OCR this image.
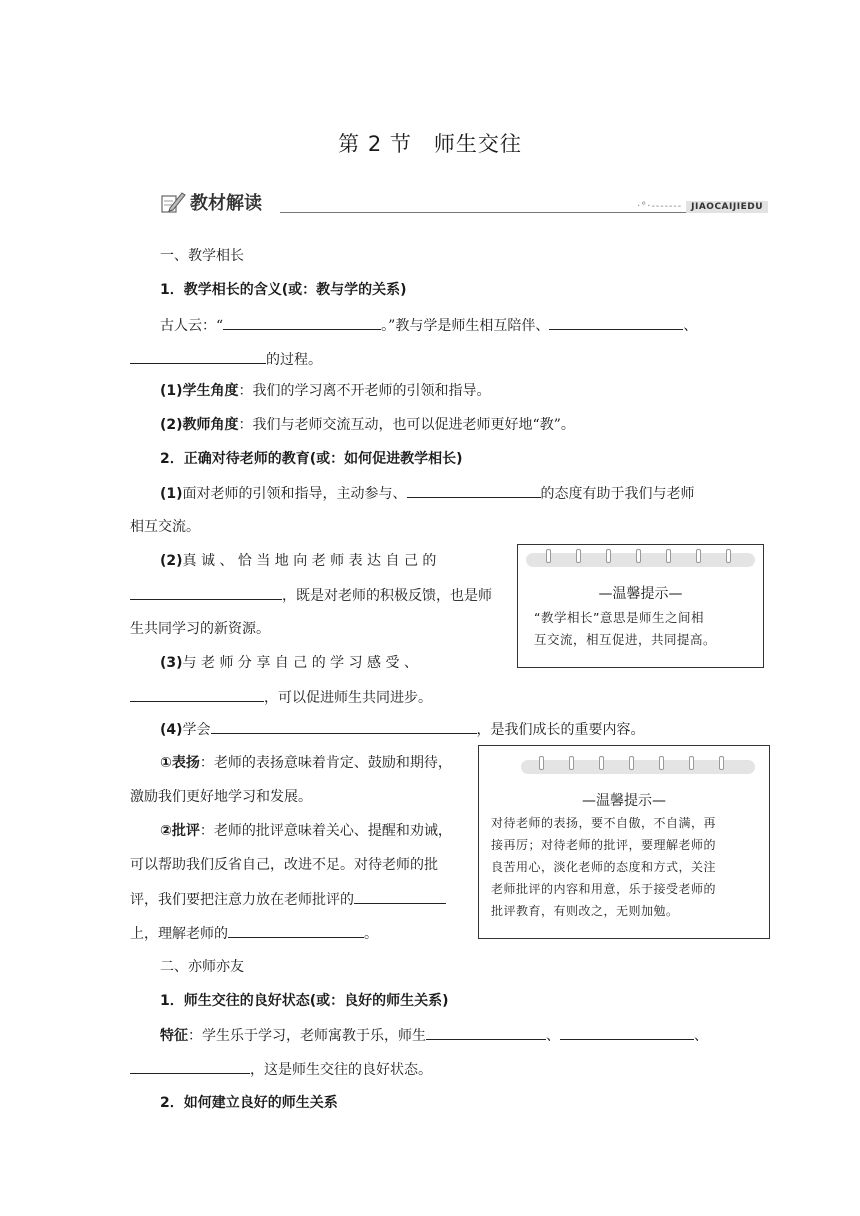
第 2 节　师生交往
教材解读	·°·-------	JIAOCAIJIEDU
一、教学相长
1．教学相长的含义(或：教与学的关系)
古人云：“	。”教与学是师生相互陪伴、	、
的过程。
(1)学生角度：我们的学习离不开老师的引领和指导。
(2)教师角度：我们与老师交流互动，也可以促进老师更好地“教”。
2．正确对待老师的教育(或：如何促进教学相长)
(1)面对老师的引领和指导，主动参与、	的态度有助于我们与老师
相互交流。
(2)真 诚 、 恰 当 地 向 老 师 表 达 自 己 的
，既是对老师的积极反馈，也是师
生共同学习的新资源。
(3)与 老 师 分 享 自 己 的 学 习 感 受 、
，可以促进师生共同进步。
(4)学会	，是我们成长的重要内容。
①表扬：老师的表扬意味着肯定、鼓励和期待，
激励我们更好地学习和发展。
②批评：老师的批评意味着关心、提醒和劝诫，
可以帮助我们反省自己，改进不足。对待老师的批
评，我们要把注意力放在老师批评的
上，理解老师的	。
—温馨提示—
“教学相长”意思是师生之间相
互交流，相互促进，共同提高。
—温馨提示—
对待老师的表扬，要不自傲，不自满，再
接再厉；对待老师的批评，要理解老师的
良苦用心，淡化老师的态度和方式，关注
老师批评的内容和用意，乐于接受老师的
批评教育，有则改之，无则加勉。
二、亦师亦友
1．师生交往的良好状态(或：良好的师生关系)
特征：学生乐于学习，老师寓教于乐，师生	、	、
，这是师生交往的良好状态。
2．如何建立良好的师生关系
